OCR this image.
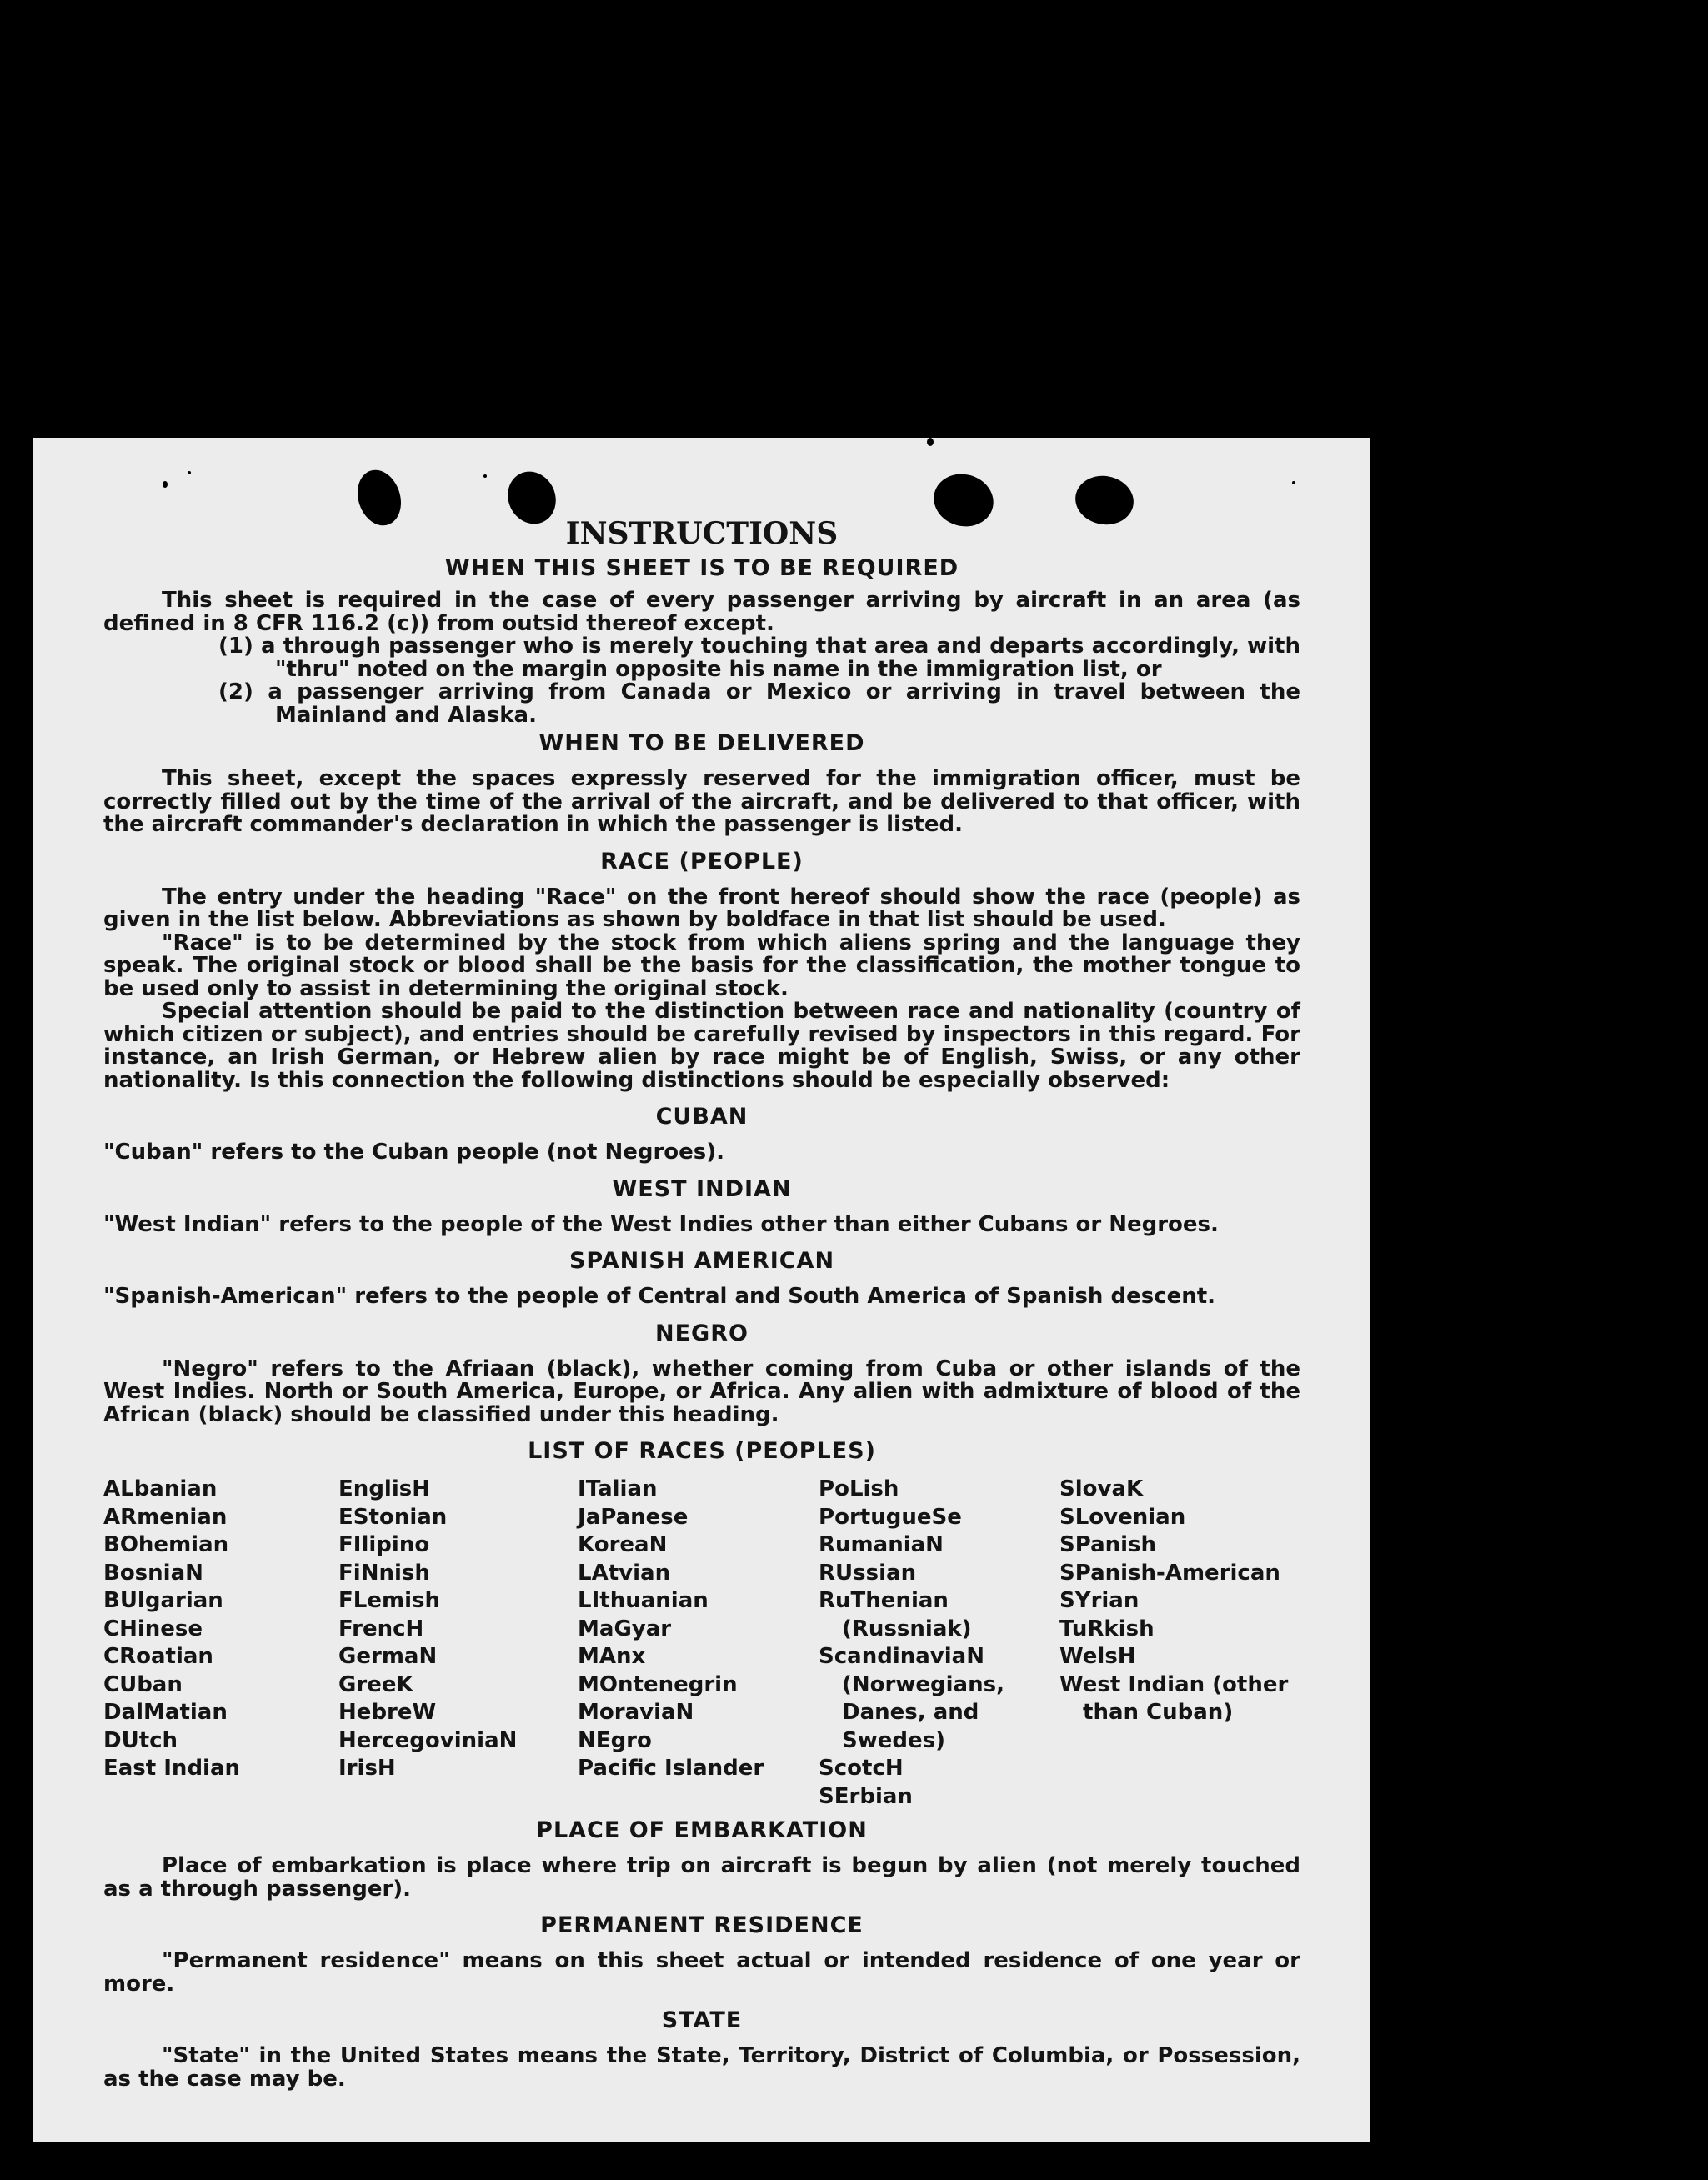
INSTRUCTIONS
WHEN THIS SHEET IS TO BE REQUIRED

This sheet is required in the case of every passenger arriving by aircraft in an area (as defined in 8 CFR 116.2 (c)) from outsid thereof except.

(1) a through passenger who is merely touching that area and departs accordingly, with "thru" noted on the margin opposite his name in the immigration list, or

(2) a passenger arriving from Canada or Mexico or arriving in travel between the Mainland and Alaska.

WHEN TO BE DELIVERED

This sheet, except the spaces expressly reserved for the immigration officer, must be correctly filled out by the time of the arrival of the aircraft, and be delivered to that officer, with the aircraft commander's declaration in which the passenger is listed.

RACE (PEOPLE)

The entry under the heading "Race" on the front hereof should show the race (people) as given in the list below. Abbreviations as shown by boldface in that list should be used.

"Race" is to be determined by the stock from which aliens spring and the language they speak. The original stock or blood shall be the basis for the classification, the mother tongue to be used only to assist in determining the original stock.

Special attention should be paid to the distinction between race and nationality (country of which citizen or subject), and entries should be carefully revised by inspectors in this regard. For instance, an Irish German, or Hebrew alien by race might be of English, Swiss, or any other nationality. Is this connection the following distinctions should be especially observed:

CUBAN

"Cuban" refers to the Cuban people (not Negroes).

WEST INDIAN

"West Indian" refers to the people of the West Indies other than either Cubans or Negroes.

SPANISH AMERICAN

"Spanish-American" refers to the people of Central and South America of Spanish descent.

NEGRO

"Negro" refers to the Afriaan (black), whether coming from Cuba or other islands of the West Indies. North or South America, Europe, or Africa. Any alien with admixture of blood of the African (black) should be classified under this heading.

LIST OF RACES (PEOPLES)
ALbanian
ARmenian
BOhemian
BosniaN
BUlgarian
CHinese
CRoatian
CUban
DalMatian
DUtch
East Indian
EnglisH
EStonian
FIlipino
FiNnish
FLemish
FrencH
GermaN
GreeK
HebreW
HercegoviniaN
IrisH
ITalian
JaPanese
KoreaN
LAtvian
LIthuanian
MaGyar
MAnx
MOntenegrin
MoraviaN
NEgro
Pacific Islander
PoLish
PortugueSe
RumaniaN
RUssian
RuThenian (Russniak)
ScandinaviaN (Norwegians, Danes, and Swedes)
ScotcH
SErbian
SlovaK
SLovenian
SPanish
SPanish-American
SYrian
TuRkish
WelsH
West Indian (other than Cuban)
PLACE OF EMBARKATION

Place of embarkation is place where trip on aircraft is begun by alien (not merely touched as a through passenger).

PERMANENT RESIDENCE

"Permanent residence" means on this sheet actual or intended residence of one year or more.

STATE

"State" in the United States means the State, Territory, District of Columbia, or Possession, as the case may be.
